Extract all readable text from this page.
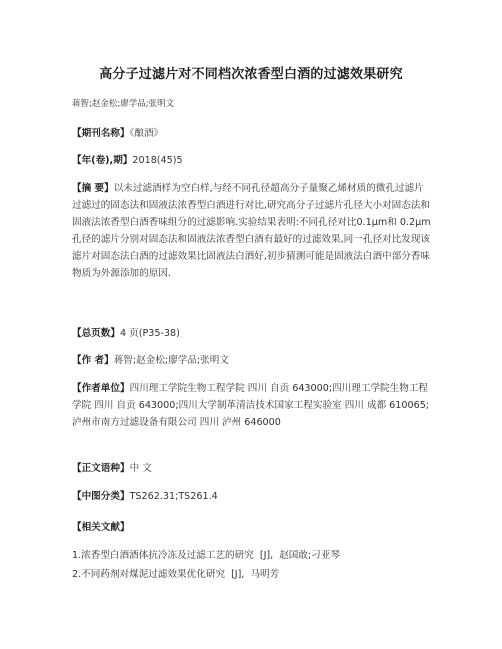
高分子过滤片对不同档次浓香型白酒的过滤效果研究
蒋智;赵金松;廖学品;张明文
【期刊名称】《酿酒》
【年(卷),期】2018(45)5
【摘 要】以未过滤酒样为空白样,与经不同孔径超高分子量聚乙烯材质的微孔过滤片过滤过的固态法和固液法浓香型白酒进行对比,研究高分子过滤片孔径大小对固态法和固液法浓香型白酒香味组分的过滤影响.实验结果表明:不同孔径对比0.1μm和 0.2μm 孔径的滤片分别对固态法和固液法浓香型白酒有最好的过滤效果,同一孔径对比发现该滤片对固态法白酒的过滤效果比固液法白酒好,初步猜测可能是固液法白酒中部分香味物质为外源添加的原因.
【总页数】4 页(P35-38)
【作 者】蒋智;赵金松;廖学品;张明文
【作者单位】四川理工学院生物工程学院 四川 自贡 643000;四川理工学院生物工程学院 四川 自贡 643000;四川大学制革清洁技术国家工程实验室 四川 成都 610065;泸州市南方过滤设备有限公司 四川 泸州 646000
【正文语种】中 文
【中图分类】TS262.31;TS261.4
【相关文献】
1.浓香型白酒酒体抗冷冻及过滤工艺的研究 [J], 赵国敢;刁亚琴
2.不同药剂对煤泥过滤效果优化研究 [J], 马明芳
